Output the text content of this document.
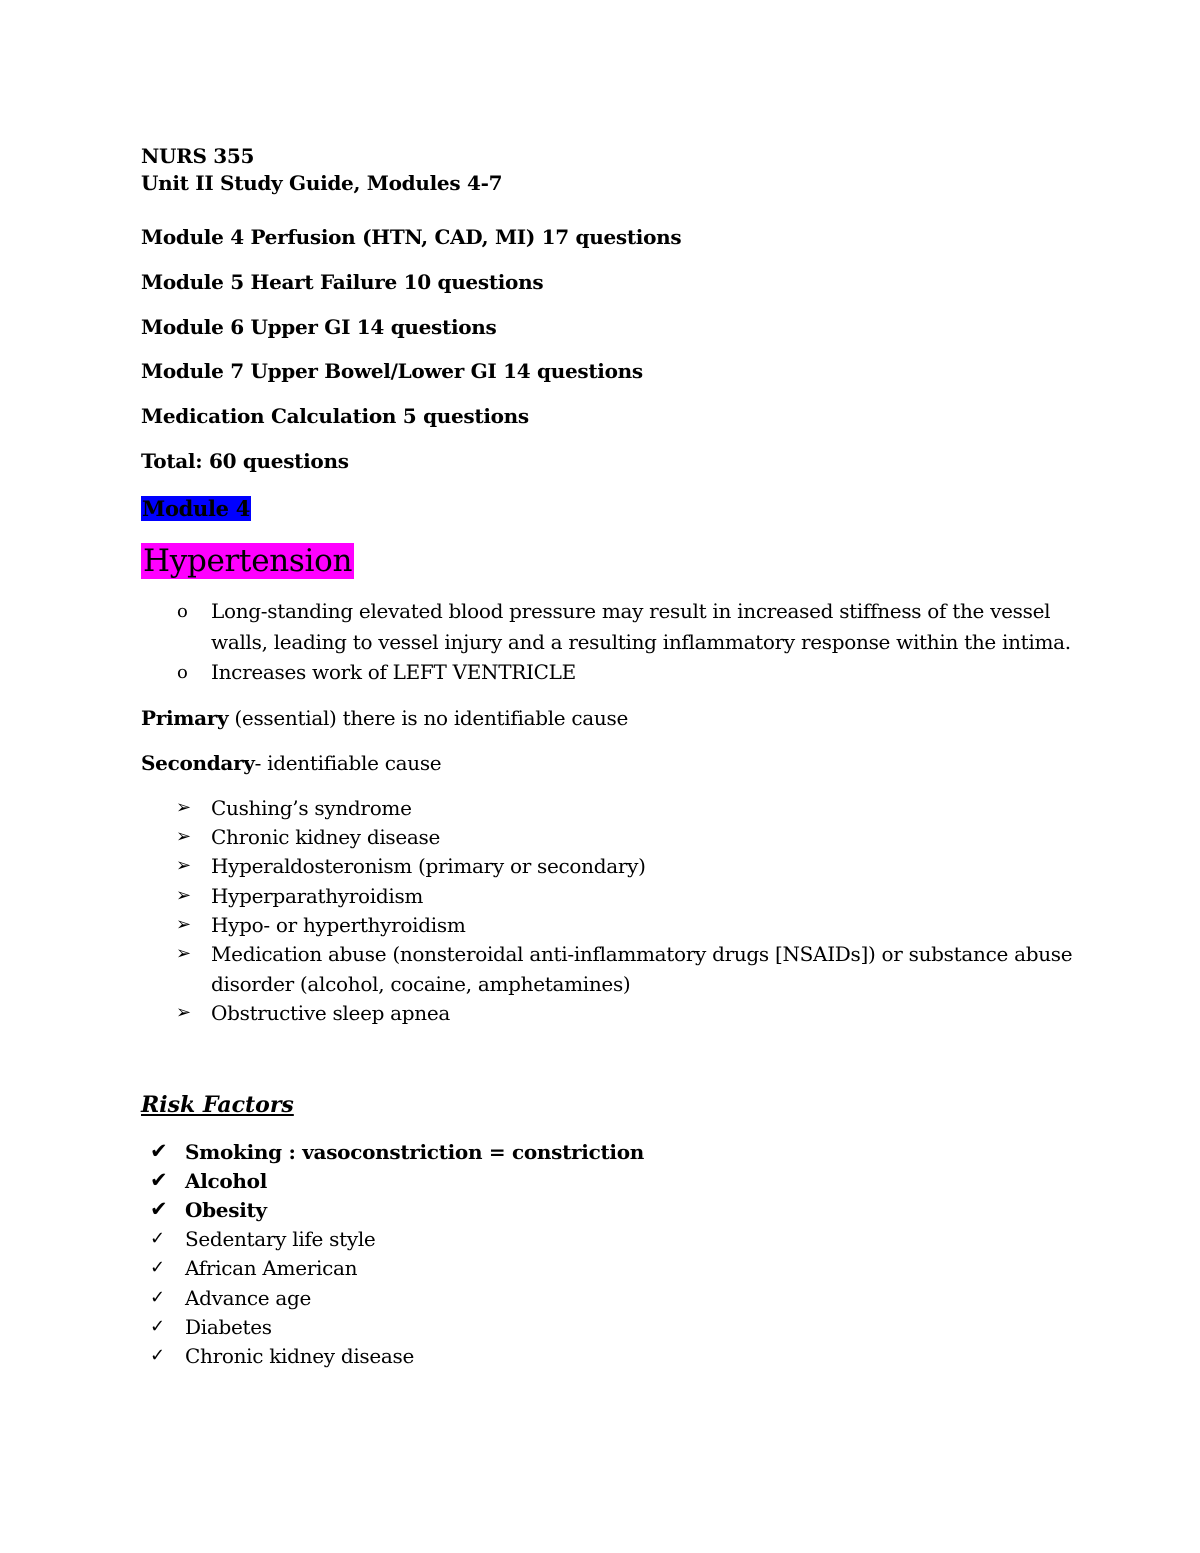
NURS 355
Unit II Study Guide, Modules 4-7
Module 4 Perfusion (HTN, CAD, MI) 17 questions
Module 5 Heart Failure 10 questions
Module 6 Upper GI 14 questions
Module 7 Upper Bowel/Lower GI 14 questions
Medication Calculation 5 questions
Total: 60 questions
Module 4
Hypertension
o Long-standing elevated blood pressure may result in increased stiffness of the vessel
walls, leading to vessel injury and a resulting inflammatory response within the intima.
o Increases work of LEFT VENTRICLE
Primary (essential) there is no identifiable cause
Secondary- identifiable cause
➢ Cushing’s syndrome
➢ Chronic kidney disease
➢ Hyperaldosteronism (primary or secondary)
➢ Hyperparathyroidism
➢ Hypo- or hyperthyroidism
➢ Medication abuse (nonsteroidal anti-inflammatory drugs [NSAIDs]) or substance abuse
disorder (alcohol, cocaine, amphetamines)
➢ Obstructive sleep apnea
Risk Factors
✔ Smoking : vasoconstriction = constriction
✔ Alcohol
✔ Obesity
✓ Sedentary life style
✓ African American
✓ Advance age
✓ Diabetes
✓ Chronic kidney disease
